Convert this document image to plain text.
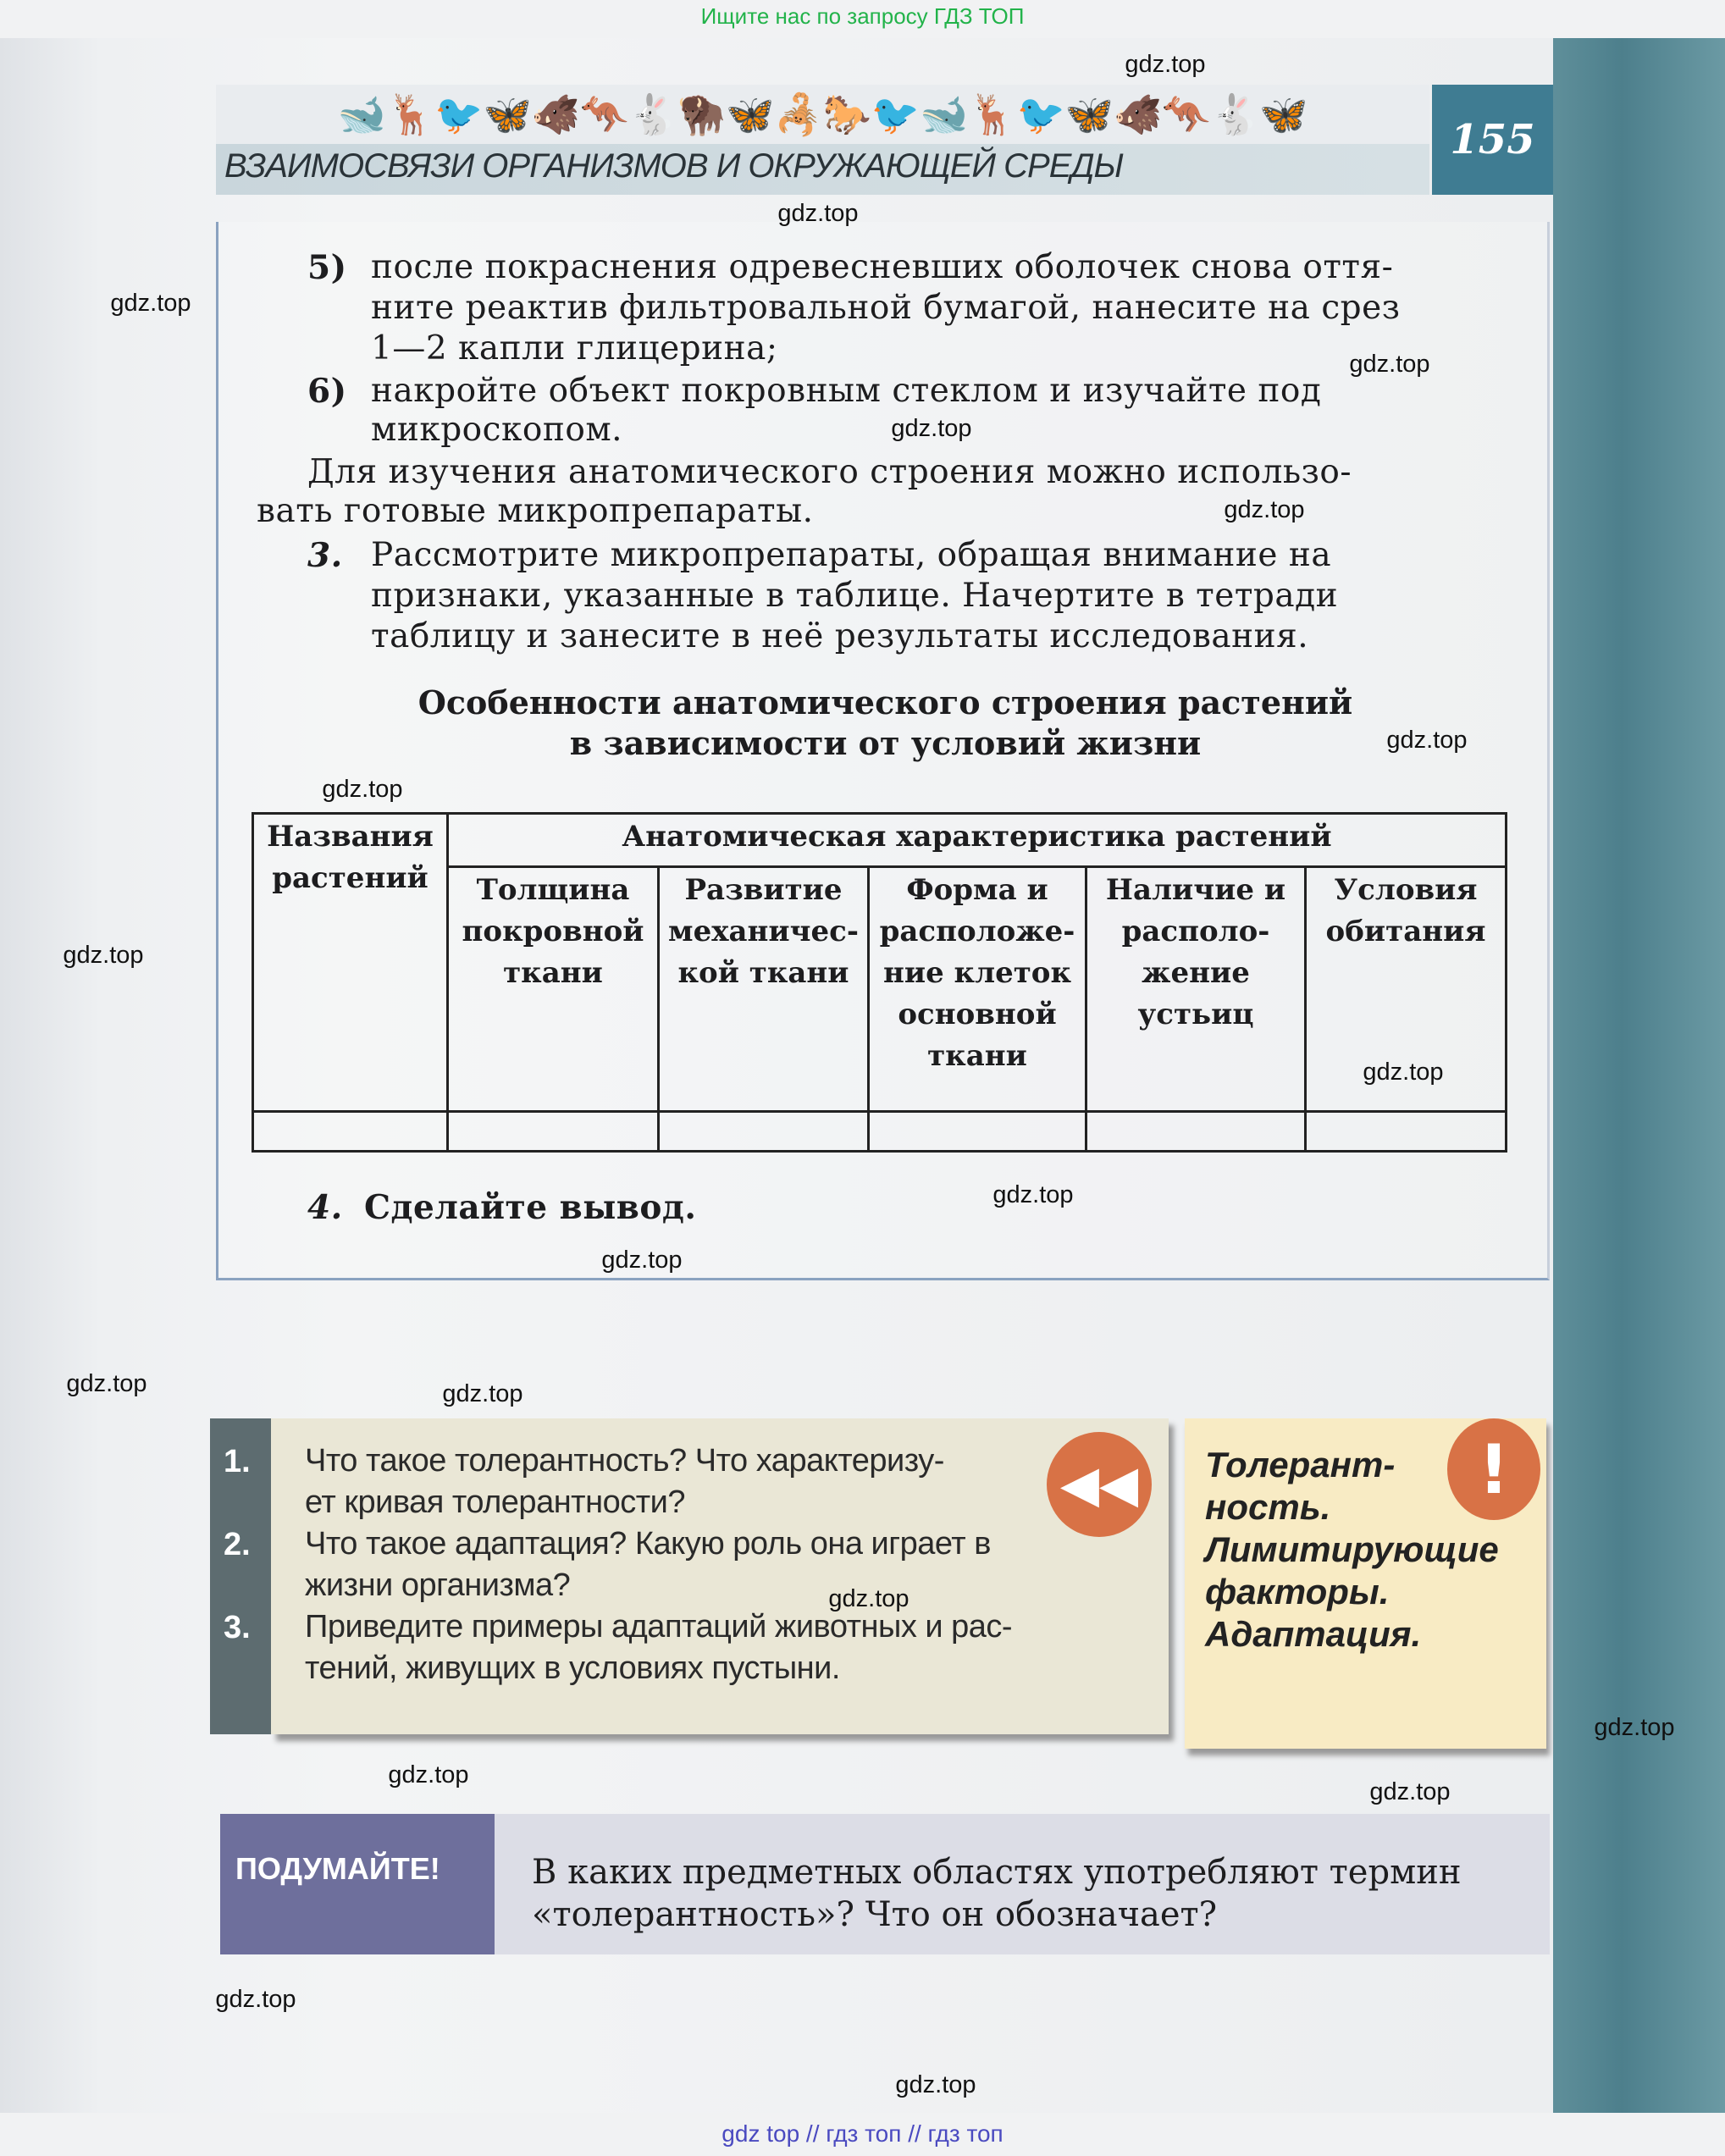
Ищите нас по запросу ГДЗ ТОП
🐋🦌🐦🦋🐗🦘🐇🦬🦋🦂🐎🐦🐋🦌🐦🦋🐗🦘🐇🦋
ВЗАИМОСВЯЗИ ОРГАНИЗМОВ И ОКРУЖАЮЩЕЙ СРЕДЫ
155
5) после покраснения одревесневших оболочек снова оття-
ните реактив фильтровальной бумагой, нанесите на срез
1—2 капли глицерина;
6) накройте объект покровным стеклом и изучайте под
микроскопом.
Для изучения анатомического строения можно использо-
вать готовые микропрепараты.
3. Рассмотрите микропрепараты, обращая внимание на
признаки, указанные в таблице. Начертите в тетради
таблицу и занесите в неё результаты исследования.
Особенности анатомического строения растений
в зависимости от условий жизни
4. Сделайте вывод.
Названия растений	Анатомическая характеристика растений				
	Толщина покровной ткани	Развитие механичес-кой ткани	Форма и расположе-ние клеток основной ткани	Наличие и располо-жение устьиц	Условия обитания

1.
2.
3.
Что такое толерантность? Что характеризу-
ет кривая толерантности?
Что такое адаптация? Какую роль она играет в
жизни организма?
Приведите примеры адаптаций животных и рас-
тений, живущих в условиях пустыни.
◀◀	Толерант-
ность.
Лимитирующие
факторы.
Адаптация.
!
ПОДУМАЙТЕ!	В каких предметных областях употребляют термин
«толерантность»? Что он обозначает?
gdz.top
gdz.top
gdz.top
gdz.top
gdz.top
gdz.top
gdz.top
gdz.top
gdz.top
gdz.top
gdz.top
gdz.top
gdz.top	gdz.top
gdz.top
gdz.top
gdz.top
gdz.top
gdz.top
gdz.top
gdz top // гдз топ // гдз топ
